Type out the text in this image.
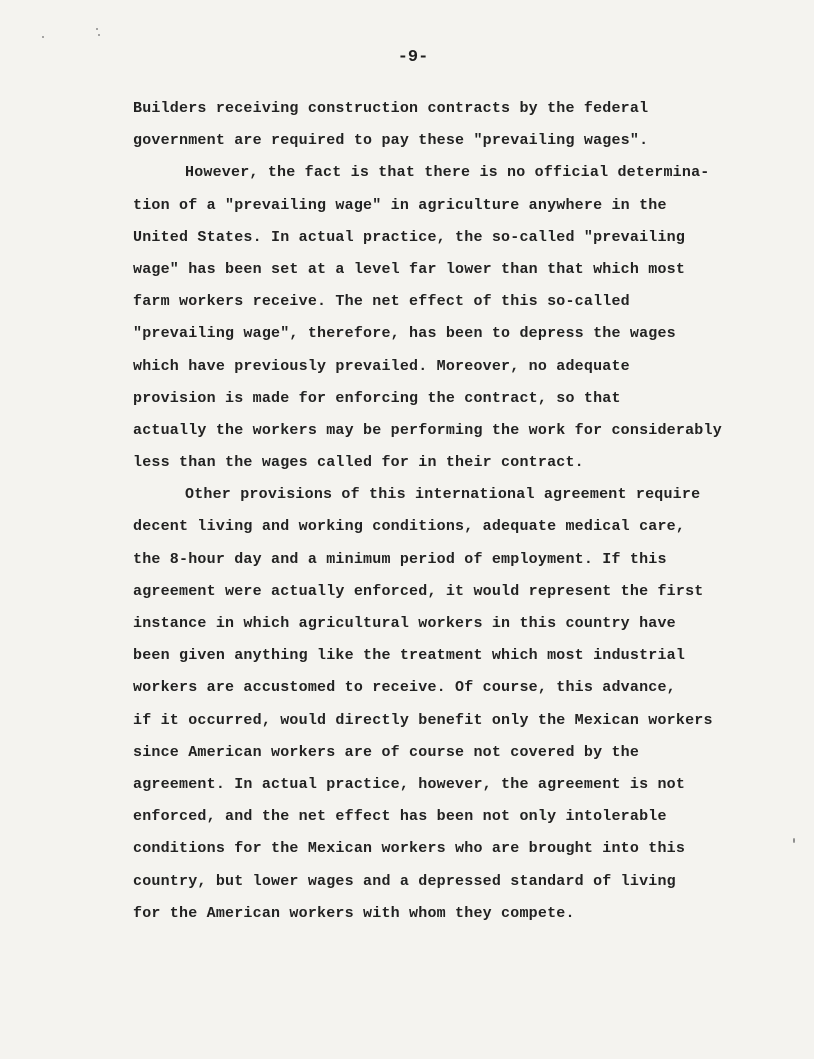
-9-
Builders receiving construction contracts by the federal
government are required to pay these "prevailing wages".
However, the fact is that there is no official determina-
tion of a "prevailing wage" in agriculture anywhere in the
United States. In actual practice, the so-called "prevailing
wage" has been set at a level far lower than that which most
farm workers receive. The net effect of this so-called
"prevailing wage", therefore, has been to depress the wages
which have previously prevailed. Moreover, no adequate
provision is made for enforcing the contract, so that
actually the workers may be performing the work for considerably
less than the wages called for in their contract.
Other provisions of this international agreement require
decent living and working conditions, adequate medical care,
the 8-hour day and a minimum period of employment. If this
agreement were actually enforced, it would represent the first
instance in which agricultural workers in this country have
been given anything like the treatment which most industrial
workers are accustomed to receive. Of course, this advance,
if it occurred, would directly benefit only the Mexican workers
since American workers are of course not covered by the
agreement. In actual practice, however, the agreement is not
enforced, and the net effect has been not only intolerable
conditions for the Mexican workers who are brought into this
country, but lower wages and a depressed standard of living
for the American workers with whom they compete.
